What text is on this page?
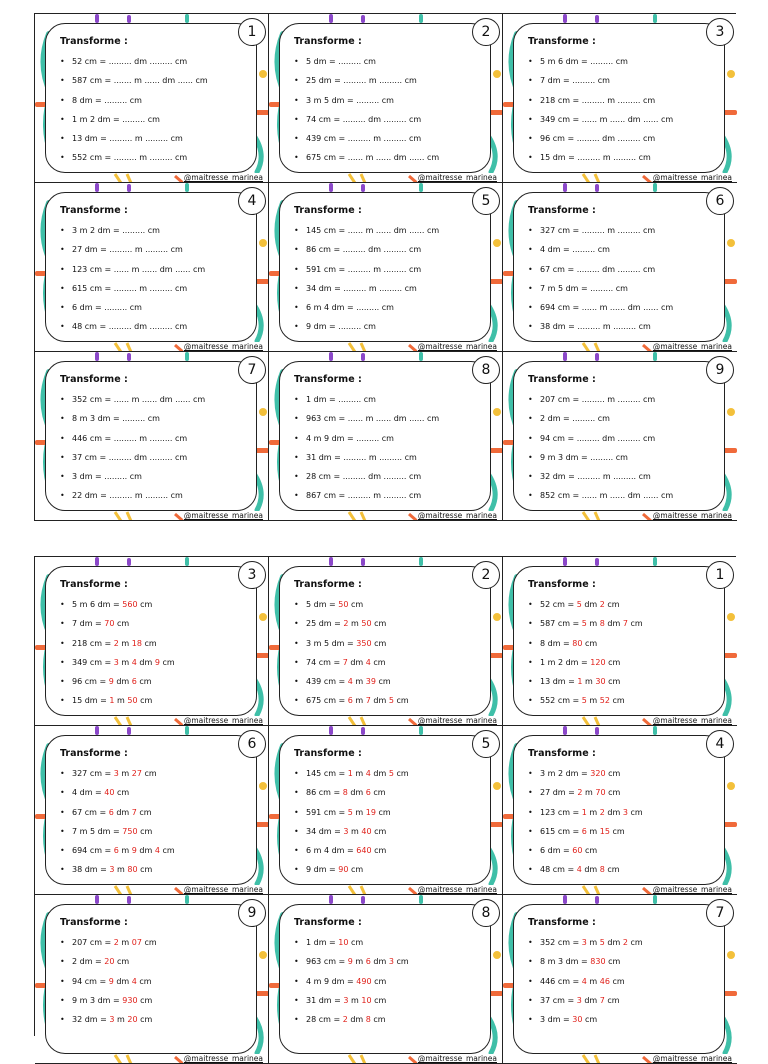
1
Transforme :
• 52 cm = ......... dm ......... cm
• 587 cm = ....... m ...... dm ...... cm
• 8 dm = ......... cm
• 1 m 2 dm = ......... cm
• 13 dm = ......... m ......... cm
• 552 cm = ......... m ......... cm
@maitresse_marinea
2
Transforme :
• 5 dm = ......... cm
• 25 dm = ......... m ......... cm
• 3 m 5 dm = ......... cm
• 74 cm = ......... dm ......... cm
• 439 cm = ......... m ......... cm
• 675 cm = ...... m ...... dm ...... cm
@maitresse_marinea
3
Transforme :
• 5 m 6 dm = ......... cm
• 7 dm = ......... cm
• 218 cm = ......... m ......... cm
• 349 cm = ...... m ...... dm ...... cm
• 96 cm = ......... dm ......... cm
• 15 dm = ......... m ......... cm
@maitresse_marinea
4
Transforme :
• 3 m 2 dm = ......... cm
• 27 dm = ......... m ......... cm
• 123 cm = ...... m ...... dm ...... cm
• 615 cm = ......... m ......... cm
• 6 dm = ......... cm
• 48 cm = ......... dm ......... cm
@maitresse_marinea
5
Transforme :
• 145 cm = ...... m ...... dm ...... cm
• 86 cm = ......... dm ......... cm
• 591 cm = ......... m ......... cm
• 34 dm = ......... m ......... cm
• 6 m 4 dm = ......... cm
• 9 dm = ......... cm
@maitresse_marinea
6
Transforme :
• 327 cm = ......... m ......... cm
• 4 dm = ......... cm
• 67 cm = ......... dm ......... cm
• 7 m 5 dm = ......... cm
• 694 cm = ...... m ...... dm ...... cm
• 38 dm = ......... m ......... cm
@maitresse_marinea
7
Transforme :
• 352 cm = ...... m ...... dm ...... cm
• 8 m 3 dm = ......... cm
• 446 cm = ......... m ......... cm
• 37 cm = ......... dm ......... cm
• 3 dm = ......... cm
• 22 dm = ......... m ......... cm
@maitresse_marinea
8
Transforme :
• 1 dm = ......... cm
• 963 cm = ...... m ...... dm ...... cm
• 4 m 9 dm = ......... cm
• 31 dm = ......... m ......... cm
• 28 cm = ......... dm ......... cm
• 867 cm = ......... m ......... cm
@maitresse_marinea
9
Transforme :
• 207 cm = ......... m ......... cm
• 2 dm = ......... cm
• 94 cm = ......... dm ......... cm
• 9 m 3 dm = ......... cm
• 32 dm = ......... m ......... cm
• 852 cm = ...... m ...... dm ...... cm
@maitresse_marinea
3
Transforme :
• 5 m 6 dm = 560 cm
• 7 dm = 70 cm
• 218 cm = 2 m 18 cm
• 349 cm = 3 m 4 dm 9 cm
• 96 cm = 9 dm 6 cm
• 15 dm = 1 m 50 cm
@maitresse_marinea
2
Transforme :
• 5 dm = 50 cm
• 25 dm = 2 m 50 cm
• 3 m 5 dm = 350 cm
• 74 cm = 7 dm 4 cm
• 439 cm = 4 m 39 cm
• 675 cm = 6 m 7 dm 5 cm
@maitresse_marinea
1
Transforme :
• 52 cm = 5 dm 2 cm
• 587 cm = 5 m 8 dm 7 cm
• 8 dm = 80 cm
• 1 m 2 dm = 120 cm
• 13 dm = 1 m 30 cm
• 552 cm = 5 m 52 cm
@maitresse_marinea
6
Transforme :
• 327 cm = 3 m 27 cm
• 4 dm = 40 cm
• 67 cm = 6 dm 7 cm
• 7 m 5 dm = 750 cm
• 694 cm = 6 m 9 dm 4 cm
• 38 dm = 3 m 80 cm
@maitresse_marinea
5
Transforme :
• 145 cm = 1 m 4 dm 5 cm
• 86 cm = 8 dm 6 cm
• 591 cm = 5 m 19 cm
• 34 dm = 3 m 40 cm
• 6 m 4 dm = 640 cm
• 9 dm = 90 cm
@maitresse_marinea
4
Transforme :
• 3 m 2 dm = 320 cm
• 27 dm = 2 m 70 cm
• 123 cm = 1 m 2 dm 3 cm
• 615 cm = 6 m 15 cm
• 6 dm = 60 cm
• 48 cm = 4 dm 8 cm
@maitresse_marinea
9
Transforme :
• 207 cm = 2 m 07 cm
• 2 dm = 20 cm
• 94 cm = 9 dm 4 cm
• 9 m 3 dm = 930 cm
• 32 dm = 3 m 20 cm
@maitresse_marinea
8
Transforme :
• 1 dm = 10 cm
• 963 cm = 9 m 6 dm 3 cm
• 4 m 9 dm = 490 cm
• 31 dm = 3 m 10 cm
• 28 cm = 2 dm 8 cm
@maitresse_marinea
7
Transforme :
• 352 cm = 3 m 5 dm 2 cm
• 8 m 3 dm = 830 cm
• 446 cm = 4 m 46 cm
• 37 cm = 3 dm 7 cm
• 3 dm = 30 cm
@maitresse_marinea
